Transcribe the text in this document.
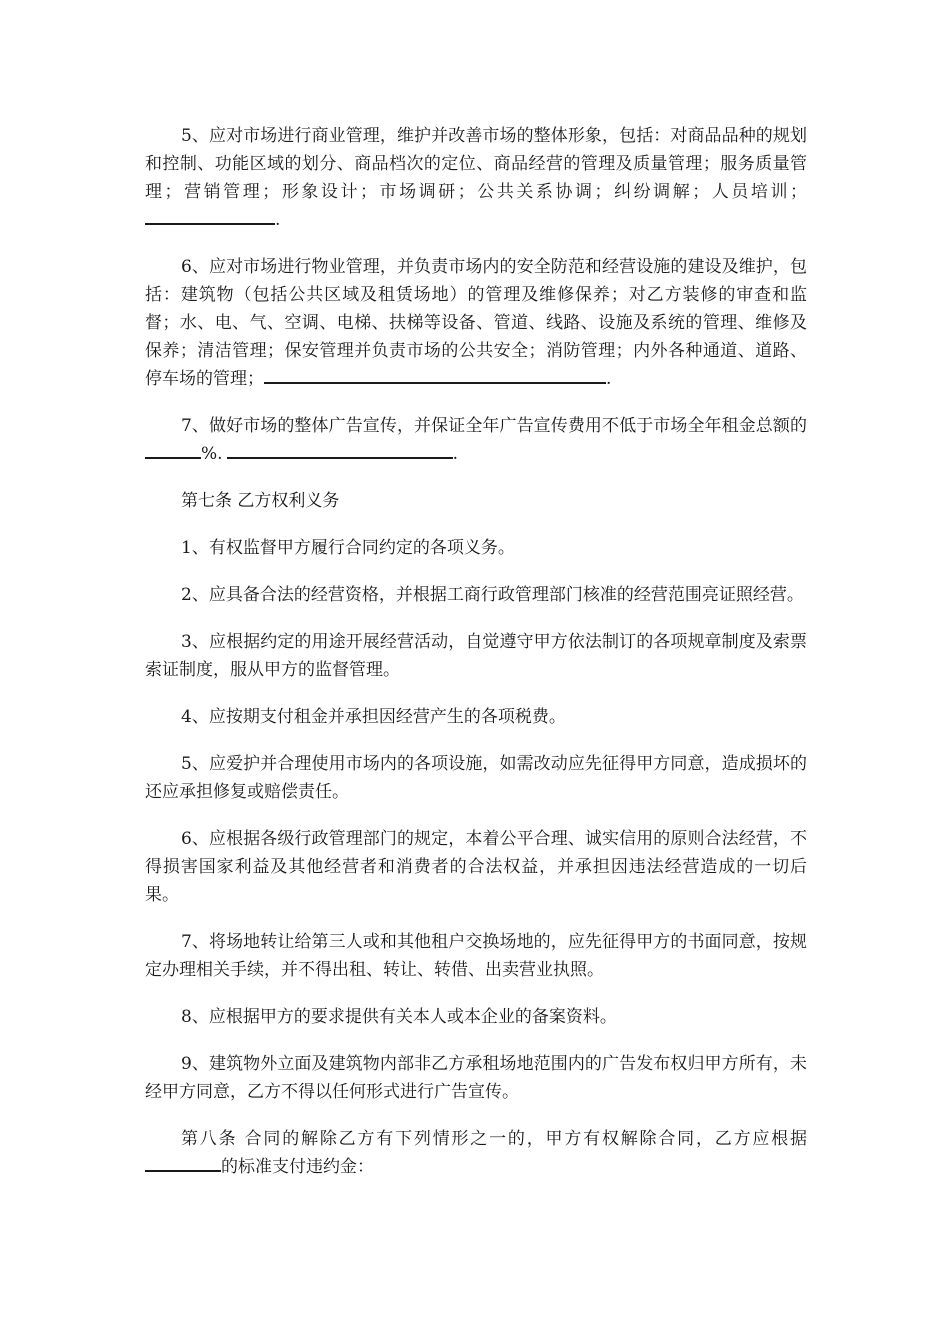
5、应对市场进行商业管理，维护并改善市场的整体形象，包括：对商品品种的规划和控制、功能区域的划分、商品档次的定位、商品经营的管理及质量管理；服务质量管理；营销管理；形象设计；市场调研；公共关系协调；纠纷调解；人员培训；.

6、应对市场进行物业管理，并负责市场内的安全防范和经营设施的建设及维护，包括：建筑物（包括公共区域及租赁场地）的管理及维修保养；对乙方装修的审查和监督；水、电、气、空调、电梯、扶梯等设备、管道、线路、设施及系统的管理、维修及保养；清洁管理；保安管理并负责市场的公共安全；消防管理；内外各种通道、道路、停车场的管理；	.

7、做好市场的整体广告宣传，并保证全年广告宣传费用不低于市场全年租金总额的%.	.

第七条 乙方权利义务

1、有权监督甲方履行合同约定的各项义务。

2、应具备合法的经营资格，并根据工商行政管理部门核准的经营范围亮证照经营。

3、应根据约定的用途开展经营活动，自觉遵守甲方依法制订的各项规章制度及索票索证制度，服从甲方的监督管理。

4、应按期支付租金并承担因经营产生的各项税费。

5、应爱护并合理使用市场内的各项设施，如需改动应先征得甲方同意，造成损坏的还应承担修复或赔偿责任。

6、应根据各级行政管理部门的规定，本着公平合理、诚实信用的原则合法经营，不得损害国家利益及其他经营者和消费者的合法权益，并承担因违法经营造成的一切后果。

7、将场地转让给第三人或和其他租户交换场地的，应先征得甲方的书面同意，按规定办理相关手续，并不得出租、转让、转借、出卖营业执照。

8、应根据甲方的要求提供有关本人或本企业的备案资料。

9、建筑物外立面及建筑物内部非乙方承租场地范围内的广告发布权归甲方所有，未经甲方同意，乙方不得以任何形式进行广告宣传。

第八条 合同的解除乙方有下列情形之一的，甲方有权解除合同，乙方应根据的标准支付违约金：
